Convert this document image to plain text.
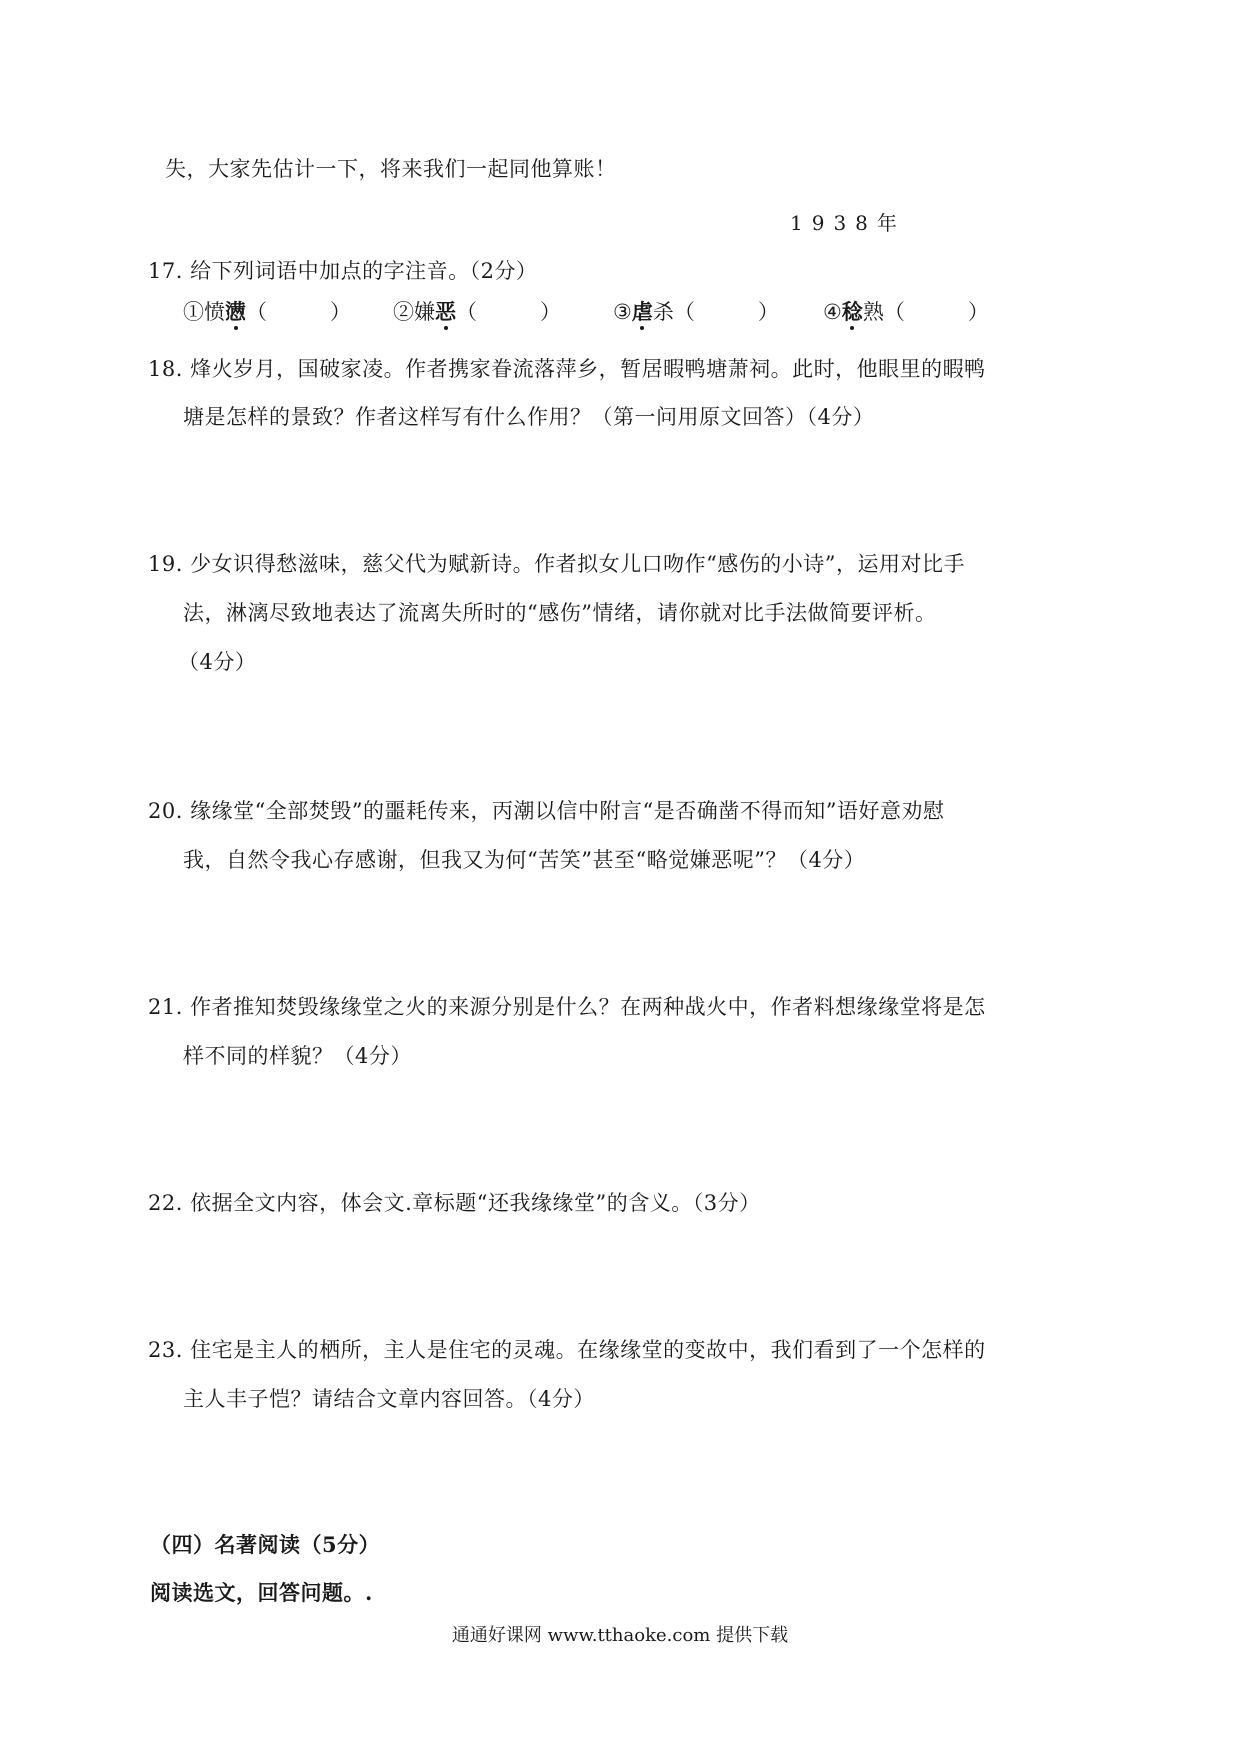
失，大家先估计一下，将来我们一起同他算账！
1938年
17. 给下列词语中加点的字注音。（2分）
①愤懑（　　　） ②嫌恶（　　　） ③虐杀（　　　） ④稔熟（　　　）
18. 烽火岁月，国破家凌。作者携家眷流落萍乡，暂居暇鸭塘萧祠。此时，他眼里的暇鸭
塘是怎样的景致？作者这样写有什么作用？（第一问用原文回答）（4分）
19. 少女识得愁滋味，慈父代为赋新诗。作者拟女儿口吻作“感伤的小诗”，运用对比手
法，淋漓尽致地表达了流离失所时的“感伤”情绪，请你就对比手法做简要评析。
（4分）
20. 缘缘堂“全部焚毁”的噩耗传来，丙潮以信中附言“是否确凿不得而知”语好意劝慰
我，自然令我心存感谢，但我又为何“苦笑”甚至“略觉嫌恶呢”？（4分）
21. 作者推知焚毁缘缘堂之火的来源分别是什么？在两种战火中，作者料想缘缘堂将是怎
样不同的样貌？（4分）
22. 依据全文内容，体会文.章标题“还我缘缘堂”的含义。（3分）
23. 住宅是主人的栖所，主人是住宅的灵魂。在缘缘堂的变故中，我们看到了一个怎样的
主人丰子恺？请结合文章内容回答。（4分）
（四）名著阅读（5分）
阅读选文，回答问题。.
通通好课网 www.tthaoke.com 提供下载
